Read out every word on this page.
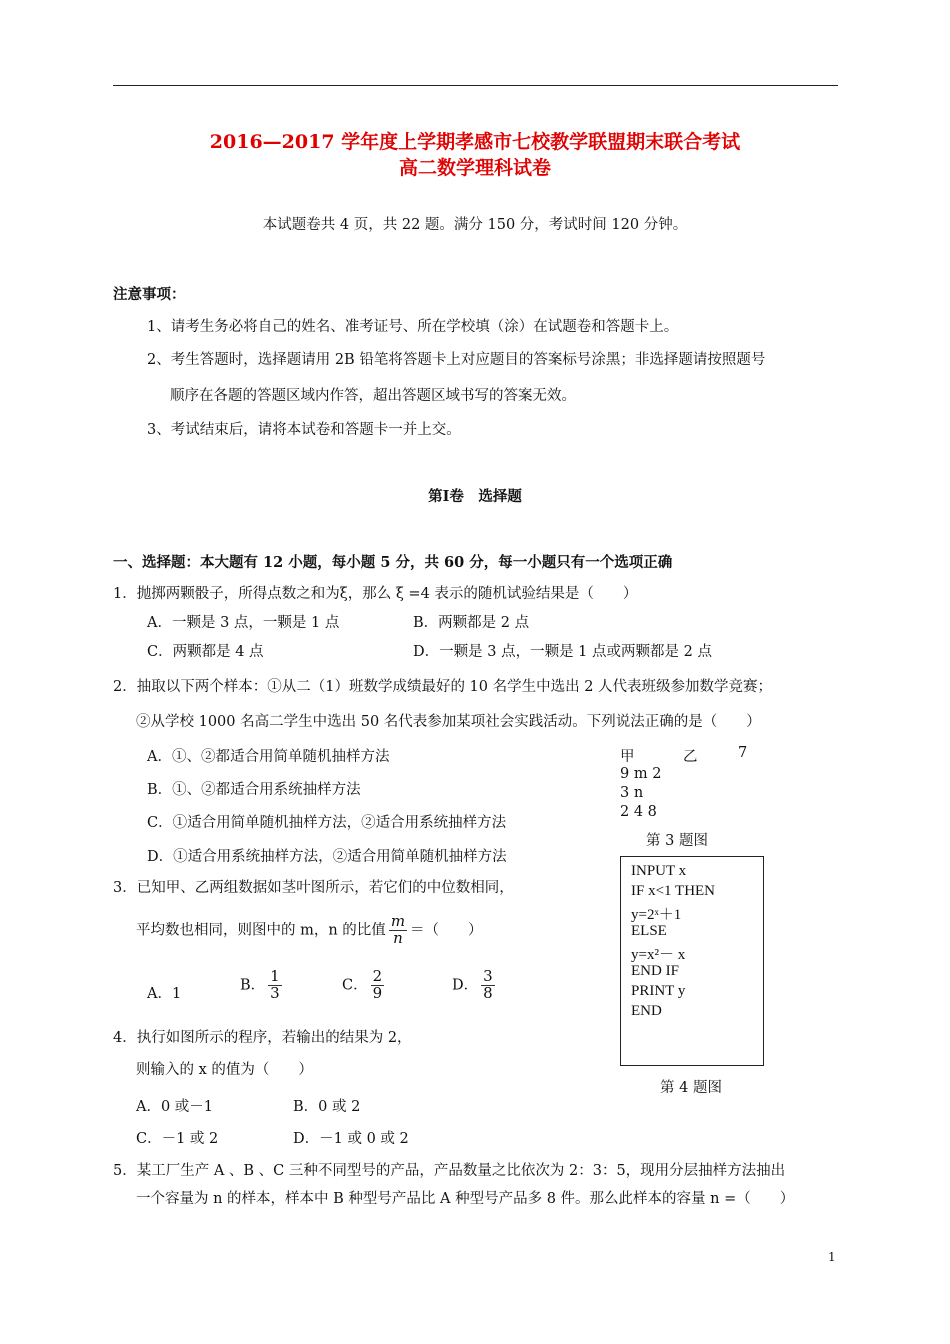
2016—2017 学年度上学期孝感市七校教学联盟期末联合考试
高二数学理科试卷
本试题卷共 4 页，共 22 题。满分 150 分，考试时间 120 分钟。
注意事项：
1、请考生务必将自己的姓名、准考证号、所在学校填（涂）在试题卷和答题卡上。
2、考生答题时，选择题请用 2B 铅笔将答题卡上对应题目的答案标号涂黑；非选择题请按照题号
顺序在各题的答题区域内作答，超出答题区域书写的答案无效。
3、考试结束后，请将本试卷和答题卡一并上交。
第Ⅰ卷　选择题
一、选择题：本大题有 12 小题，每小题 5 分，共 60 分，每一小题只有一个选项正确
1．抛掷两颗骰子，所得点数之和为ξ，那么 ξ =4 表示的随机试验结果是（　　）
A．一颗是 3 点，一颗是 1 点	B．两颗都是 2 点
C．两颗都是 4 点	D．一颗是 3 点，一颗是 1 点或两颗都是 2 点
2．抽取以下两个样本：①从二（1）班数学成绩最好的 10 名学生中选出 2 人代表班级参加数学竞赛；
②从学校 1000 名高二学生中选出 50 名代表参加某项社会实践活动。下列说法正确的是（　　）
A．①、②都适合用简单随机抽样方法
B．①、②都适合用系统抽样方法
C．①适合用简单随机抽样方法，②适合用系统抽样方法
D．①适合用系统抽样方法，②适合用简单随机抽样方法
甲	乙	7
9 m 2
3 n
2 4 8
第 3 题图
3．已知甲、乙两组数据如茎叶图所示，若它们的中位数相同，
平均数也相同，则图中的 m，n 的比值 $\frac{m}{n}$ ＝（　　）
A．1
B． $\frac{1}{3}$	C． $\frac{2}{9}$	D． $\frac{3}{8}$
INPUT x
IF x<1 THEN
y=2ˣ＋1
ELSE
y=x²－ x
END IF
PRINT y
END
第 4 题图
4．执行如图所示的程序，若输出的结果为 2，
则输入的 x 的值为（　　）
A．0 或－1	B．0 或 2
C．－1 或 2	D．－1 或 0 或 2
5．某工厂生产 A 、B 、C 三种不同型号的产品，产品数量之比依次为 2：3：5，现用分层抽样方法抽出
一个容量为 n 的样本，样本中 B 种型号产品比 A 种型号产品多 8 件。那么此样本的容量 n =（　　）
1
